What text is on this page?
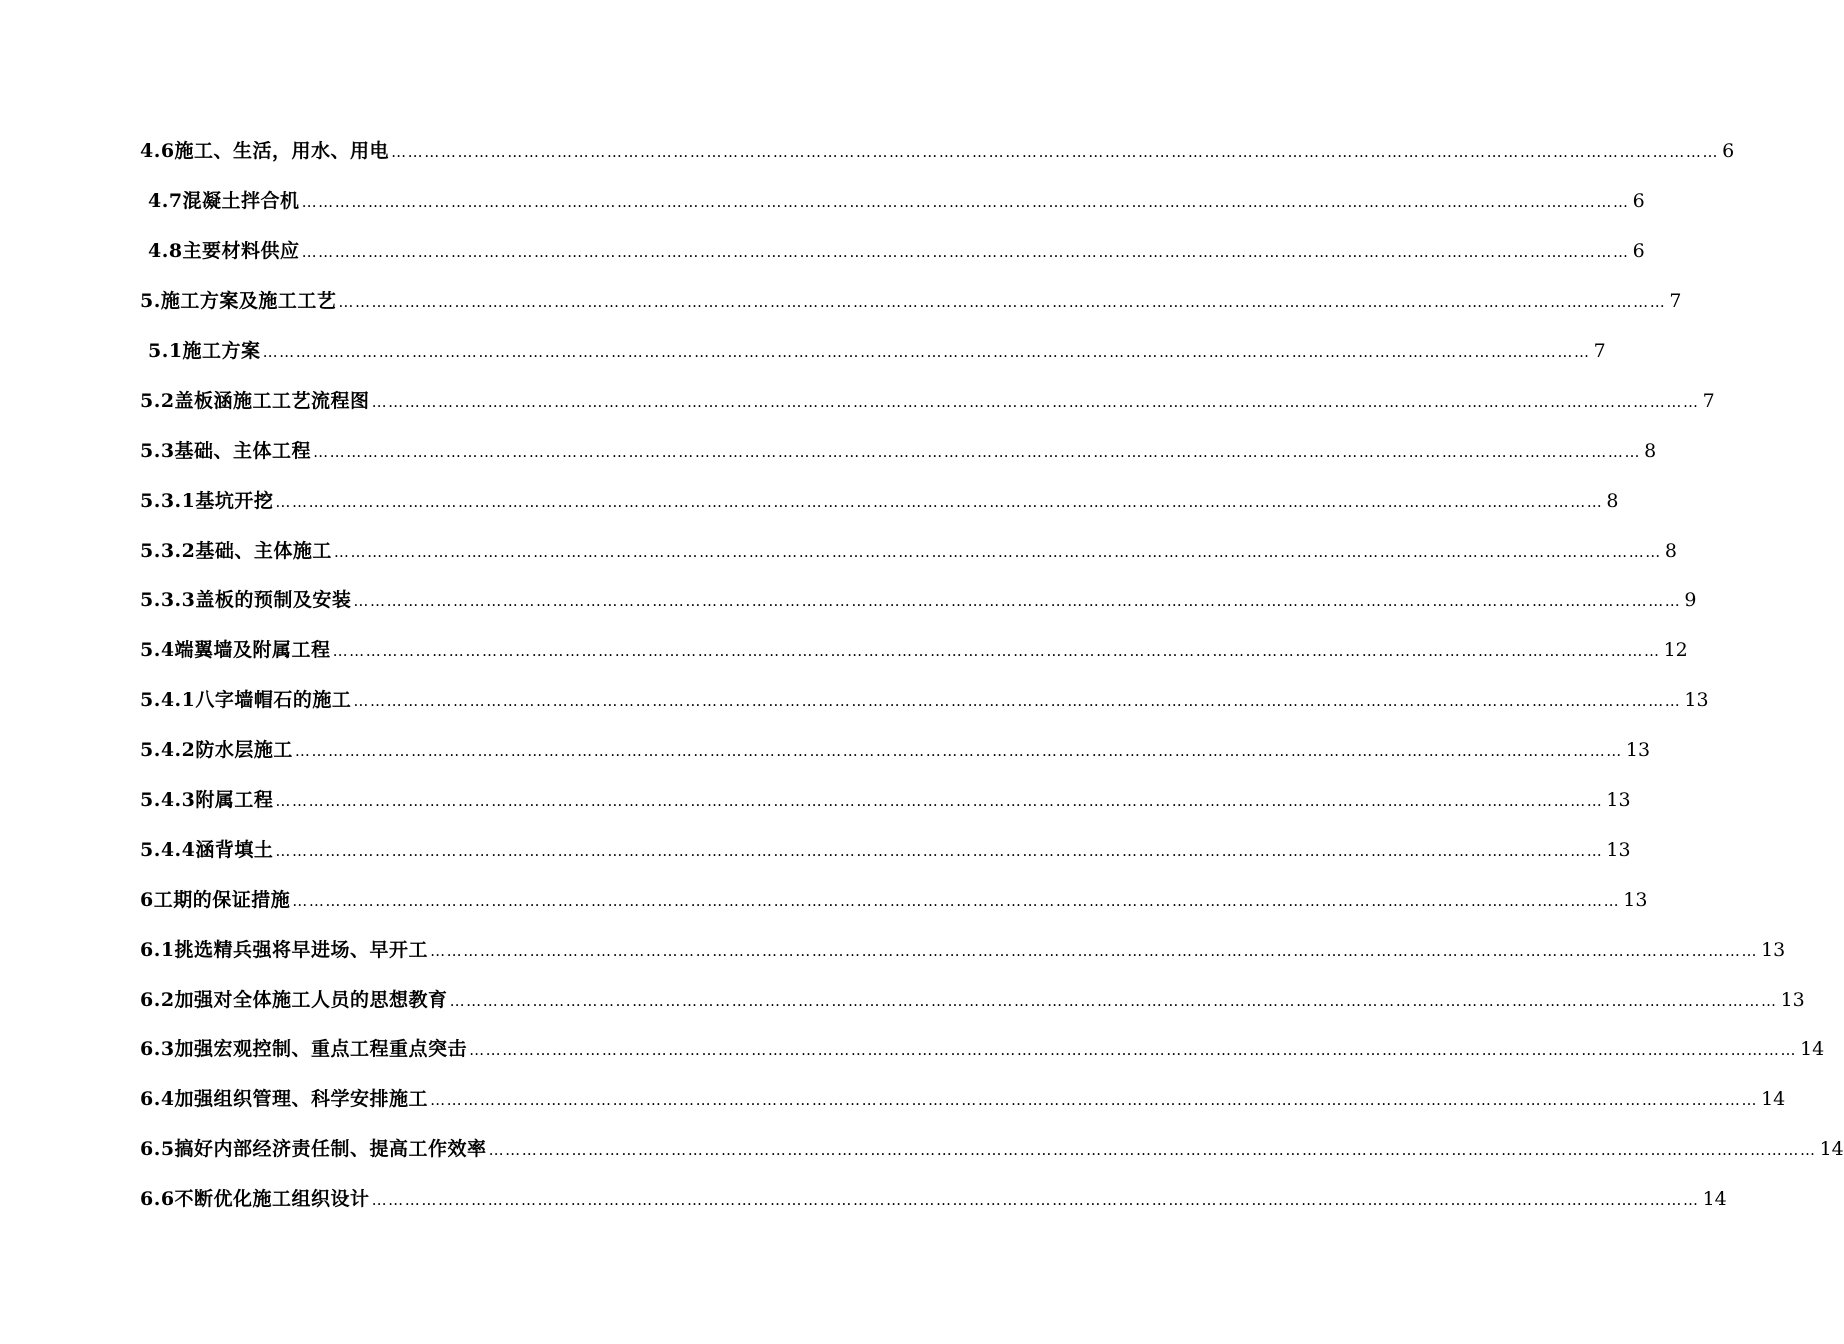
4.6施工、生活，用水、用电 …………………………………………………………………………………………………………………………………………………………………………………………………………………… 6
4.7混凝土拌合机 …………………………………………………………………………………………………………………………………………………………………………………………………………………… 6
4.8主要材料供应 …………………………………………………………………………………………………………………………………………………………………………………………………………………… 6
5.施工方案及施工工艺 …………………………………………………………………………………………………………………………………………………………………………………………………………………… 7
5.1施工方案 …………………………………………………………………………………………………………………………………………………………………………………………………………………… 7
5.2盖板涵施工工艺流程图 …………………………………………………………………………………………………………………………………………………………………………………………………………………… 7
5.3基础、主体工程 …………………………………………………………………………………………………………………………………………………………………………………………………………………… 8
5.3.1基坑开挖 …………………………………………………………………………………………………………………………………………………………………………………………………………………… 8
5.3.2基础、主体施工 …………………………………………………………………………………………………………………………………………………………………………………………………………………… 8
5.3.3盖板的预制及安装 …………………………………………………………………………………………………………………………………………………………………………………………………………………… 9
5.4端翼墙及附属工程 …………………………………………………………………………………………………………………………………………………………………………………………………………………… 12
5.4.1八字墙帽石的施工 …………………………………………………………………………………………………………………………………………………………………………………………………………………… 13
5.4.2防水层施工 …………………………………………………………………………………………………………………………………………………………………………………………………………………… 13
5.4.3附属工程 …………………………………………………………………………………………………………………………………………………………………………………………………………………… 13
5.4.4涵背填土 …………………………………………………………………………………………………………………………………………………………………………………………………………………… 13
6工期的保证措施 …………………………………………………………………………………………………………………………………………………………………………………………………………………… 13
6.1挑选精兵强将早进场、早开工 …………………………………………………………………………………………………………………………………………………………………………………………………………………… 13
6.2加强对全体施工人员的思想教育 …………………………………………………………………………………………………………………………………………………………………………………………………………………… 13
6.3加强宏观控制、重点工程重点突击 …………………………………………………………………………………………………………………………………………………………………………………………………………………… 14
6.4加强组织管理、科学安排施工 …………………………………………………………………………………………………………………………………………………………………………………………………………………… 14
6.5搞好内部经济责任制、提高工作效率 …………………………………………………………………………………………………………………………………………………………………………………………………………………… 14
6.6不断优化施工组织设计 …………………………………………………………………………………………………………………………………………………………………………………………………………………… 14
